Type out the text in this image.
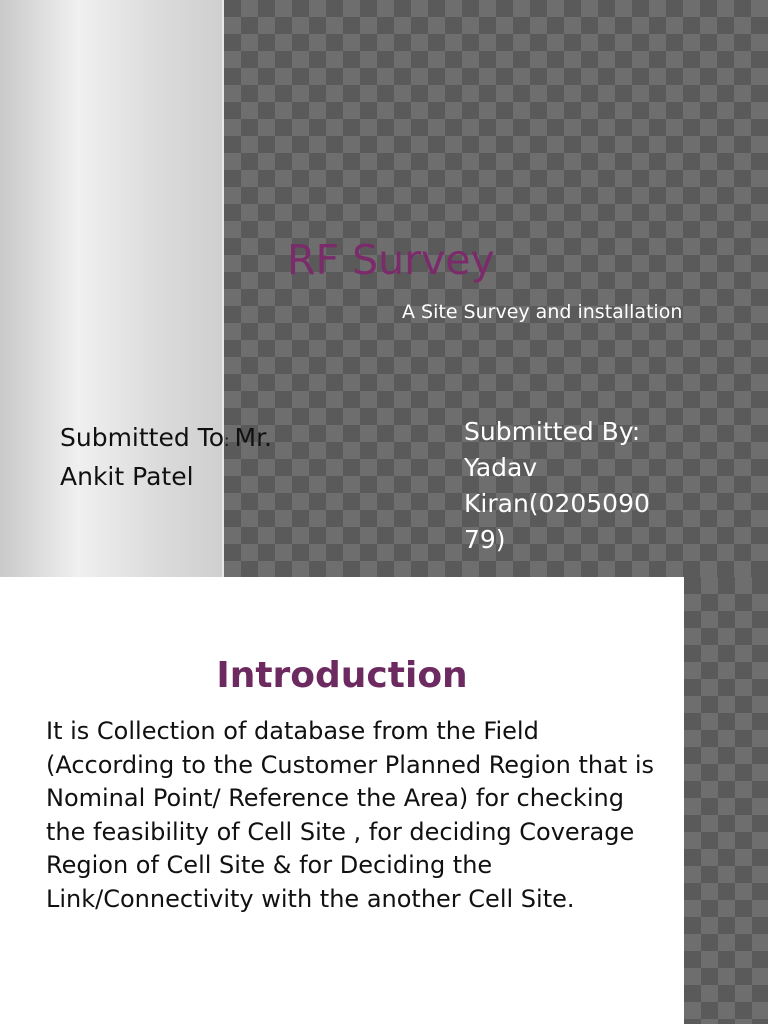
RF Survey
A Site Survey and installation
Submitted To: Mr.
Ankit Patel
Submitted By:
Yadav
Kiran(0205090
79)
Introduction

It is Collection of database from the Field (According to the Customer Planned Region that is Nominal Point/ Reference the Area) for checking the feasibility of Cell Site , for deciding Coverage Region of Cell Site & for Deciding the Link/Connectivity with the another Cell Site.
